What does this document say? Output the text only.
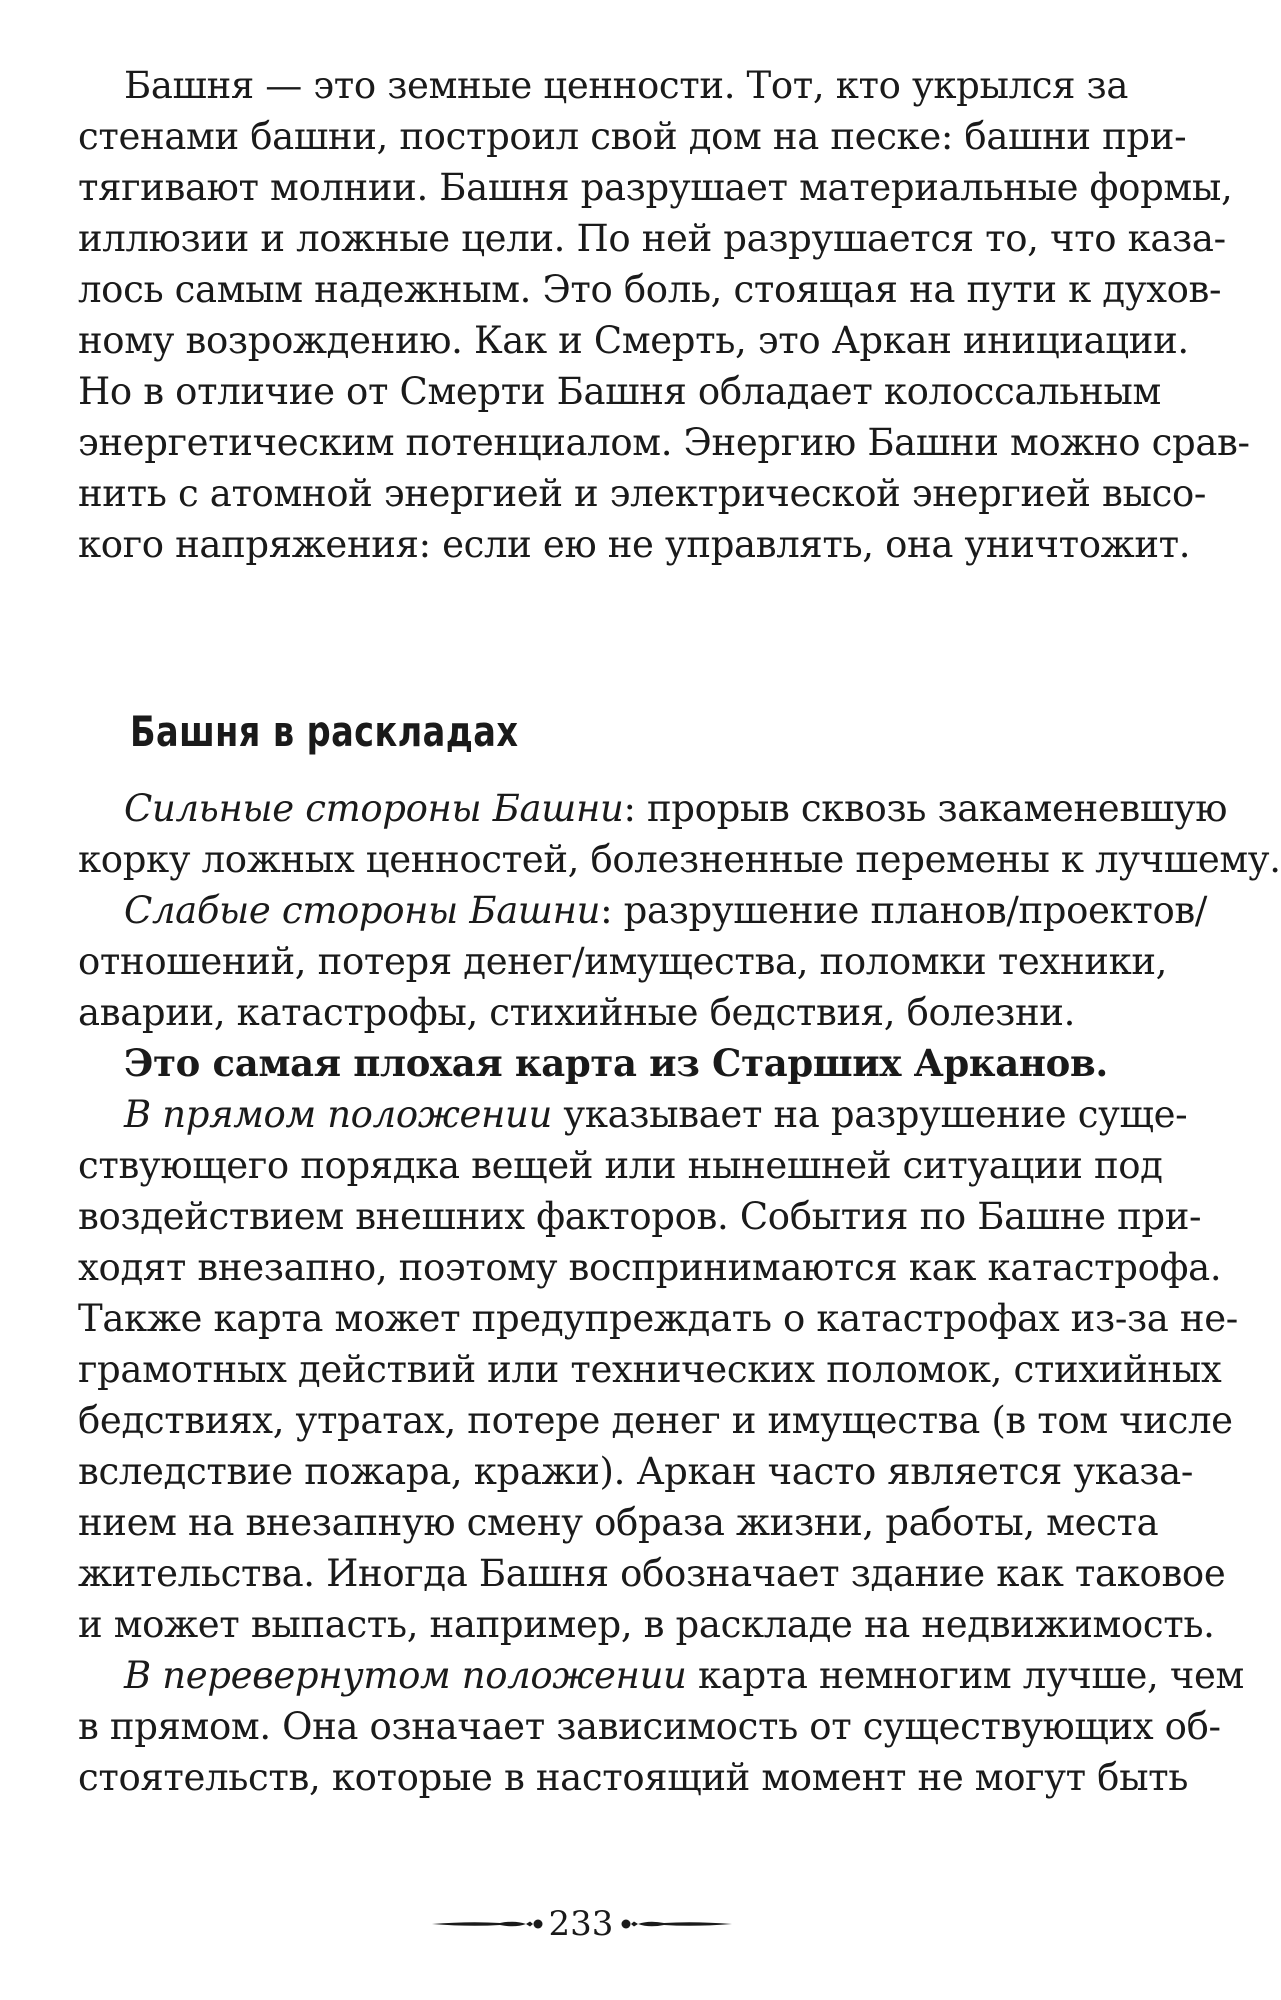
Башня — это земные ценности. Тот, кто укрылся за
стенами башни, построил свой дом на песке: башни при-
тягивают молнии. Башня разрушает материальные формы,
иллюзии и ложные цели. По ней разрушается то, что каза-
лось самым надежным. Это боль, стоящая на пути к духов-
ному возрождению. Как и Смерть, это Аркан инициации.
Но в отличие от Смерти Башня обладает колоссальным
энергетическим потенциалом. Энергию Башни можно срав-
нить с атомной энергией и электрической энергией высо-
кого напряжения: если ею не управлять, она уничтожит.
Башня в раскладах
Сильные стороны Башни: прорыв сквозь закаменевшую
корку ложных ценностей, болезненные перемены к лучшему.
Слабые стороны Башни: разрушение планов/проектов/
отношений, потеря денег/имущества, поломки техники,
аварии, катастрофы, стихийные бедствия, болезни.
Это самая плохая карта из Старших Арканов.
В прямом положении указывает на разрушение суще-
ствующего порядка вещей или нынешней ситуации под
воздействием внешних факторов. События по Башне при-
ходят внезапно, поэтому воспринимаются как катастрофа.
Также карта может предупреждать о катастрофах из-за не-
грамотных действий или технических поломок, стихийных
бедствиях, утратах, потере денег и имущества (в том числе
вследствие пожара, кражи). Аркан часто является указа-
нием на внезапную смену образа жизни, работы, места
жительства. Иногда Башня обозначает здание как таковое
и может выпасть, например, в раскладе на недвижимость.
В перевернутом положении карта немногим лучше, чем
в прямом. Она означает зависимость от существующих об-
стоятельств, которые в настоящий момент не могут быть
233
